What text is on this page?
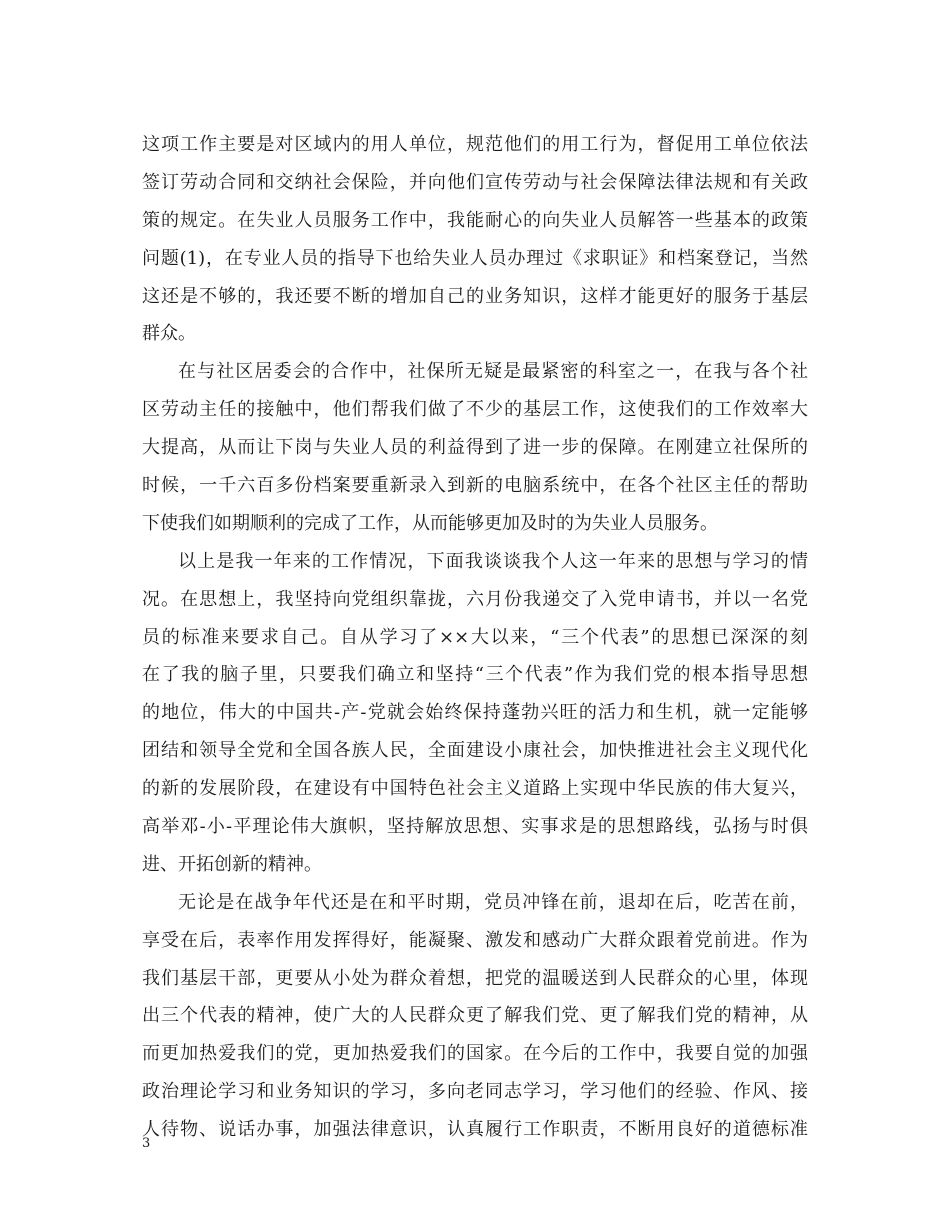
这项工作主要是对区域内的用人单位，规范他们的用工行为，督促用工单位依法
签订劳动合同和交纳社会保险，并向他们宣传劳动与社会保障法律法规和有关政
策的规定。在失业人员服务工作中，我能耐心的向失业人员解答一些基本的政策
问题(1)，在专业人员的指导下也给失业人员办理过《求职证》和档案登记，当然
这还是不够的，我还要不断的增加自己的业务知识，这样才能更好的服务于基层
群众。
在与社区居委会的合作中，社保所无疑是最紧密的科室之一，在我与各个社
区劳动主任的接触中，他们帮我们做了不少的基层工作，这使我们的工作效率大
大提高，从而让下岗与失业人员的利益得到了进一步的保障。在刚建立社保所的
时候，一千六百多份档案要重新录入到新的电脑系统中，在各个社区主任的帮助
下使我们如期顺利的完成了工作，从而能够更加及时的为失业人员服务。
以上是我一年来的工作情况，下面我谈谈我个人这一年来的思想与学习的情
况。在思想上，我坚持向党组织靠拢，六月份我递交了入党申请书，并以一名党
员的标准来要求自己。自从学习了××大以来，“三个代表”的思想已深深的刻
在了我的脑子里，只要我们确立和坚持“三个代表”作为我们党的根本指导思想
的地位，伟大的中国共-产-党就会始终保持蓬勃兴旺的活力和生机，就一定能够
团结和领导全党和全国各族人民，全面建设小康社会，加快推进社会主义现代化
的新的发展阶段，在建设有中国特色社会主义道路上实现中华民族的伟大复兴，
高举邓-小-平理论伟大旗帜，坚持解放思想、实事求是的思想路线，弘扬与时俱
进、开拓创新的精神。
无论是在战争年代还是在和平时期，党员冲锋在前，退却在后，吃苦在前，
享受在后，表率作用发挥得好，能凝聚、激发和感动广大群众跟着党前进。作为
我们基层干部，更要从小处为群众着想，把党的温暖送到人民群众的心里，体现
出三个代表的精神，使广大的人民群众更了解我们党、更了解我们党的精神，从
而更加热爱我们的党，更加热爱我们的国家。在今后的工作中，我要自觉的加强
政治理论学习和业务知识的学习，多向老同志学习，学习他们的经验、作风、接
人待物、说话办事，加强法律意识，认真履行工作职责，不断用良好的道德标准
3
